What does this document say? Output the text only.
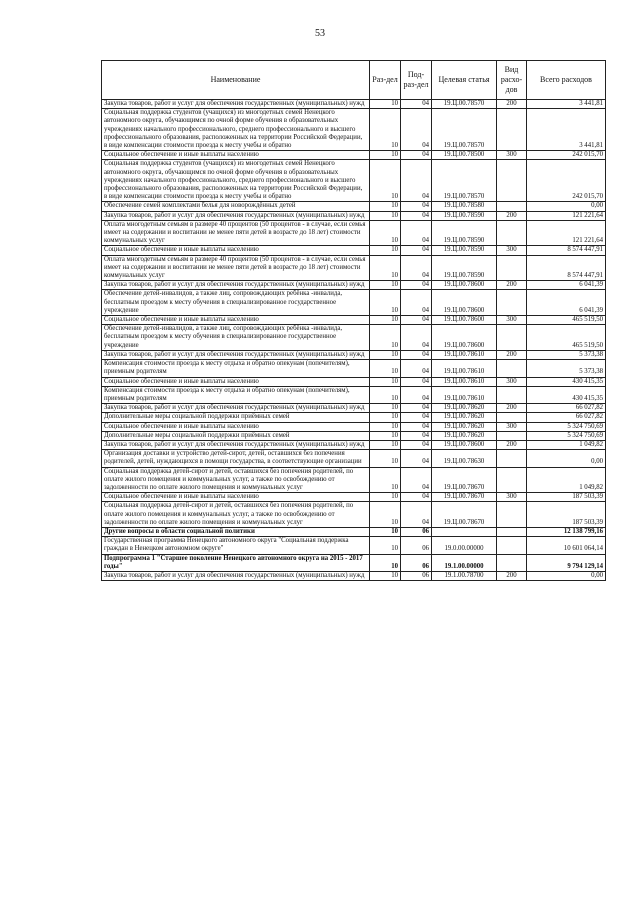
53
Наименование	Раз-дел	Под-раз-дел	Целевая статья	Вид расхо-дов	Всего расходов
Закупка товаров, работ и услуг для обеспечения государственных (муниципальных) нужд	10	04	19.Ц.00.78570	200	3 441,81
Социальная поддержка студентов (учащихся) из многодетных семей Ненецкого автономного округа, обучающимся по очной форме обучения в образовательных учреждениях начального профессионального, среднего профессионального и высшего профессионального образования, расположенных на территории Российской Федерации, в виде компенсации стоимости проезда к месту учебы и обратно	10	04	19.Ц.00.78570		3 441,81
Социальное обеспечение и иные выплаты населению	10	04	19.Ц.00.78500	300	242 015,70
Социальная поддержка студентов (учащихся) из многодетных семей Ненецкого автономного округа, обучающимся по очной форме обучения в образовательных учреждениях начального профессионального, среднего профессионального и высшего профессионального образования, расположенных на территории Российской Федерации, в виде компенсации стоимости проезда к месту учебы и обратно	10	04	19.Ц.00.78570		242 015,70
Обеспечение семей комплектами белья для новорождённых детей	10	04	19.Ц.00.78580		0,00
Закупка товаров, работ и услуг для обеспечения государственных (муниципальных) нужд	10	04	19.Ц.00.78590	200	121 221,64
Оплата многодетным семьям в размере 40 процентов (50 процентов - в случае, если семья имеет на содержании и воспитании не менее пяти детей в возрасте до 18 лет) стоимости коммунальных услуг	10	04	19.Ц.00.78590		121 221,64
Социальное обеспечение и иные выплаты населению	10	04	19.Ц.00.78590	300	8 574 447,91
Оплата многодетным семьям в размере 40 процентов (50 процентов - в случае, если семья имеет на содержании и воспитании не менее пяти детей в возрасте до 18 лет) стоимости коммунальных услуг	10	04	19.Ц.00.78590		8 574 447,91
Закупка товаров, работ и услуг для обеспечения государственных (муниципальных) нужд	10	04	19.Ц.00.78600	200	6 041,39
Обеспечение детей-инвалидов, а также лиц, сопровождающих ребёнка -инвалида, бесплатным проездом к месту обучения в специализированное государственное учреждение	10	04	19.Ц.00.78600		6 041,39
Социальное обеспечение и иные выплаты населению	10	04	19.Ц.00.78600	300	465 519,50
Обеспечение детей-инвалидов, а также лиц, сопровождающих ребёнка -инвалида, бесплатным проездом к месту обучения в специализированное государственное учреждение	10	04	19.Ц.00.78600		465 519,50
Закупка товаров, работ и услуг для обеспечения государственных (муниципальных) нужд	10	04	19.Ц.00.78610	200	5 373,38
Компенсация стоимости проезда к месту отдыха и обратно опекунам (попечителям), приемным родителям	10	04	19.Ц.00.78610		5 373,38
Социальное обеспечение и иные выплаты населению	10	04	19.Ц.00.78610	300	430 415,35
Компенсация стоимости проезда к месту отдыха и обратно опекунам (попечителям), приемным родителям	10	04	19.Ц.00.78610		430 415,35
Закупка товаров, работ и услуг для обеспечения государственных (муниципальных) нужд	10	04	19.Ц.00.78620	200	66 027,82
Дополнительные меры социальной поддержки приёмных семей	10	04	19.Ц.00.78620		66 027,82
Социальное обеспечение и иные выплаты населению	10	04	19.Ц.00.78620	300	5 324 750,69
Дополнительные меры социальной поддержки приёмных семей	10	04	19.Ц.00.78620		5 324 750,69
Закупка товаров, работ и услуг для обеспечения государственных (муниципальных) нужд	10	04	19.Ц.00.78600	200	1 049,82
Организация доставки и устройство детей-сирот, детей, оставшихся без попечения родителей, детей, нуждающихся в помощи государства, в соответствующие организации	10	04	19.Ц.00.78630		0,00
Социальная поддержка детей-сирот и детей, оставшихся без попечения родителей, по оплате жилого помещения и коммунальных услуг, а также по освобождению от задолженности по оплате жилого помещения и коммунальных услуг	10	04	19.Ц.00.78670		1 049,82
Социальное обеспечение и иные выплаты населению	10	04	19.Ц.00.78670	300	187 503,39
Социальная поддержка детей-сирот и детей, оставшихся без попечения родителей, по оплате жилого помещения и коммунальных услуг, а также по освобождению от задолженности по оплате жилого помещения и коммунальных услуг	10	04	19.Ц.00.78670		187 503,39
Другие вопросы в области социальной политики	10	06			12 138 799,16
Государственная программа Ненецкого автономного округа "Социальная поддержка граждан в Ненецком автономном округе"	10	06	19.0.00.00000		10 601 064,14
Подпрограмма 1 "Старшее поколение Ненецкого автономного округа на 2015 - 2017 годы"	10	06	19.1.00.00000		9 794 129,14
Закупка товаров, работ и услуг для обеспечения государственных (муниципальных) нужд	10	06	19.1.00.78700	200	0,00
